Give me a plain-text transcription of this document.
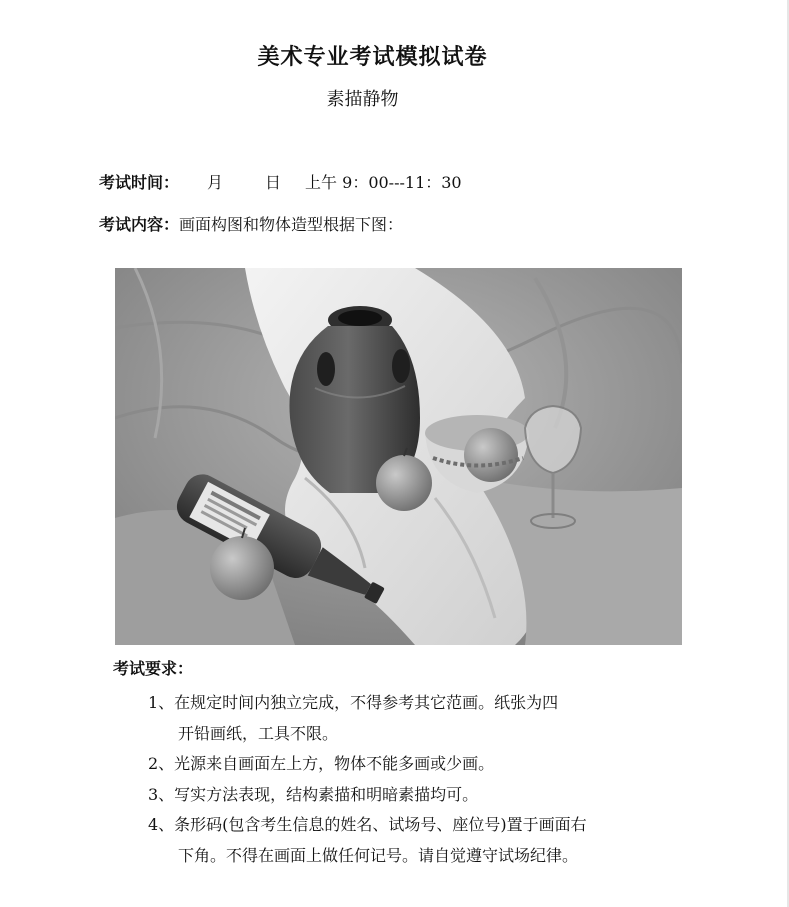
美术专业考试模拟试卷
素描静物
考试时间： 月	日 上午 9：00---11：30
考试内容：画面构图和物体造型根据下图：
考试要求：
1、在规定时间内独立完成，不得参考其它范画。纸张为四
开铅画纸，工具不限。
2、光源来自画面左上方，物体不能多画或少画。
3、写实方法表现，结构素描和明暗素描均可。
4、条形码(包含考生信息的姓名、试场号、座位号)置于画面右
下角。不得在画面上做任何记号。请自觉遵守试场纪律。
